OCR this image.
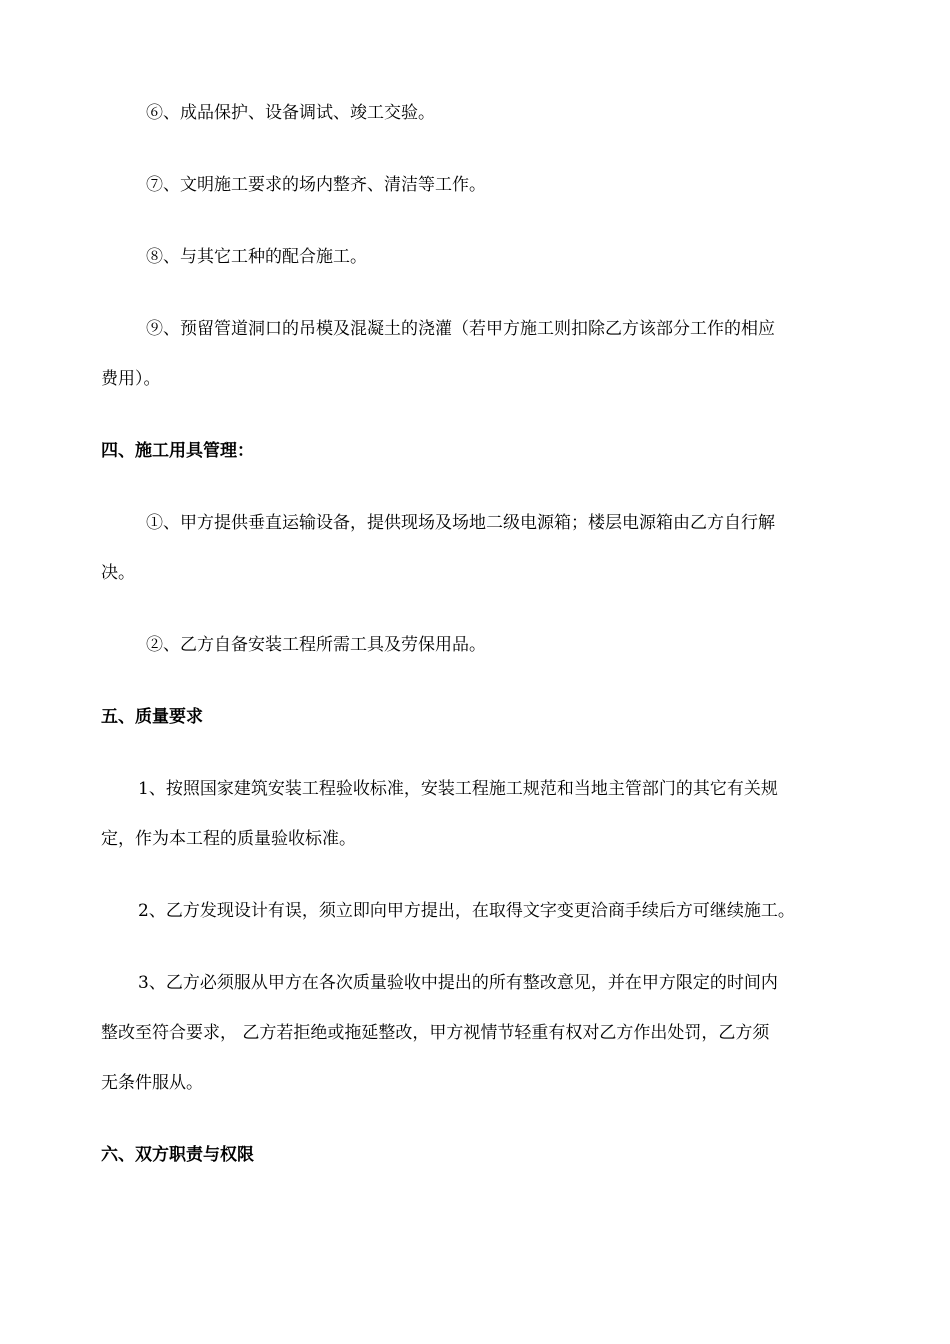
⑥、成品保护、设备调试、竣工交验。
⑦、文明施工要求的场内整齐、清洁等工作。
⑧、与其它工种的配合施工。
⑨、预留管道洞口的吊模及混凝土的浇灌（若甲方施工则扣除乙方该部分工作的相应
费用）。
四、施工用具管理：
①、甲方提供垂直运输设备，提供现场及场地二级电源箱；楼层电源箱由乙方自行解
决。
②、乙方自备安装工程所需工具及劳保用品。
五、质量要求
1、按照国家建筑安装工程验收标准，安装工程施工规范和当地主管部门的其它有关规
定，作为本工程的质量验收标准。
2、乙方发现设计有误，须立即向甲方提出，在取得文字变更洽商手续后方可继续施工。
3、乙方必须服从甲方在各次质量验收中提出的所有整改意见，并在甲方限定的时间内
整改至符合要求， 乙方若拒绝或拖延整改，甲方视情节轻重有权对乙方作出处罚，乙方须
无条件服从。
六、双方职责与权限
